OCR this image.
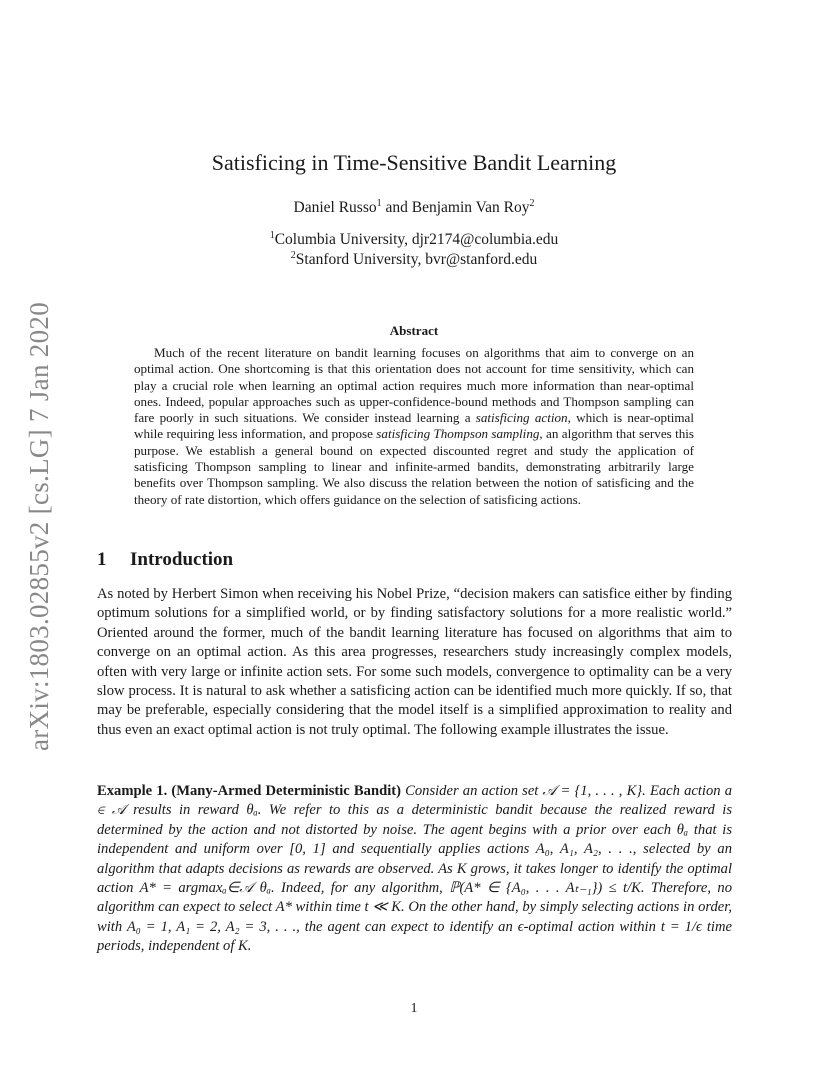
arXiv:1803.02855v2 [cs.LG] 7 Jan 2020
Satisficing in Time-Sensitive Bandit Learning
Daniel Russo$^1$ and Benjamin Van Roy$^2$
$^1$Columbia University, djr2174@columbia.edu
$^2$Stanford University, bvr@stanford.edu
Abstract

Much of the recent literature on bandit learning focuses on algorithms that aim to converge on an optimal action. One shortcoming is that this orientation does not account for time sensitivity, which can play a crucial role when learning an optimal action requires much more information than near-optimal ones. Indeed, popular approaches such as upper-confidence-bound methods and Thompson sampling can fare poorly in such situations. We consider instead learning a satisficing action, which is near-optimal while requiring less information, and propose satisficing Thompson sampling, an algorithm that serves this purpose. We establish a general bound on expected discounted regret and study the application of satisficing Thompson sampling to linear and infinite-armed bandits, demonstrating arbitrarily large benefits over Thompson sampling. We also discuss the relation between the notion of satisficing and the theory of rate distortion, which offers guidance on the selection of satisficing actions.

1 Introduction

As noted by Herbert Simon when receiving his Nobel Prize, “decision makers can satisfice either by finding optimum solutions for a simplified world, or by finding satisfactory solutions for a more realistic world.” Oriented around the former, much of the bandit learning literature has focused on algorithms that aim to converge on an optimal action. As this area progresses, researchers study increasingly complex models, often with very large or infinite action sets. For some such models, convergence to optimality can be a very slow process. It is natural to ask whether a satisficing action can be identified much more quickly. If so, that may be preferable, especially considering that the model itself is a simplified approximation to reality and thus even an exact optimal action is not truly optimal. The following example illustrates the issue.

Example 1. (Many-Armed Deterministic Bandit) Consider an action set 𝒜 = {1, . . . , K}. Each action a ∈ 𝒜 results in reward θₐ. We refer to this as a deterministic bandit because the realized reward is determined by the action and not distorted by noise. The agent begins with a prior over each θₐ that is independent and uniform over [0, 1] and sequentially applies actions A₀, A₁, A₂, . . ., selected by an algorithm that adapts decisions as rewards are observed. As K grows, it takes longer to identify the optimal action A* = argmaxₐ∈𝒜 θₐ. Indeed, for any algorithm, ℙ(A* ∈ {A₀, . . . Aₜ₋₁}) ≤ t/K. Therefore, no algorithm can expect to select A* within time t ≪ K. On the other hand, by simply selecting actions in order, with A₀ = 1, A₁ = 2, A₂ = 3, . . ., the agent can expect to identify an ϵ-optimal action within t = 1/ϵ time periods, independent of K.

1
